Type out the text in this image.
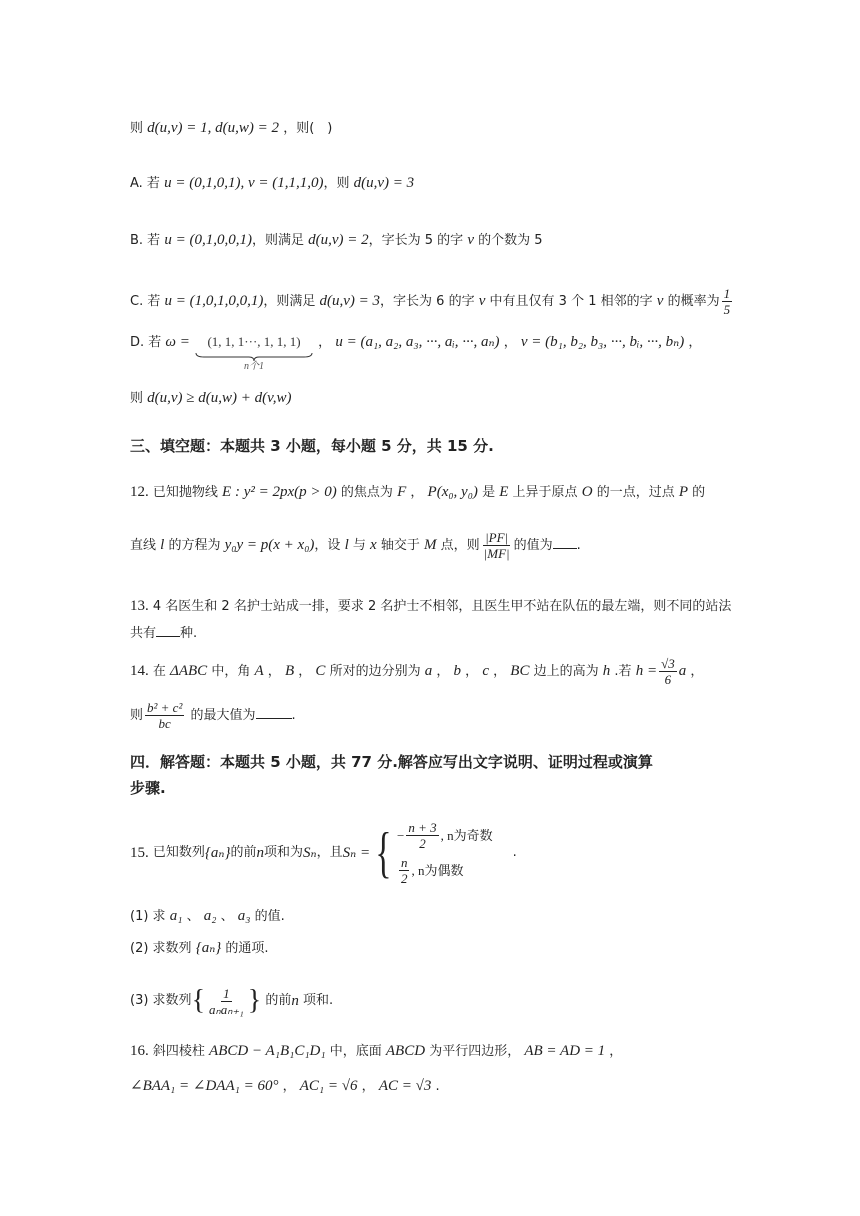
则 d(u,v) = 1, d(u,w) = 2 ，则(　)
A. 若 u = (0,1,0,1), v = (1,1,1,0)，则 d(u,v) = 3
B. 若 u = (0,1,0,0,1)，则满足 d(u,v) = 2，字长为 5 的字 v 的个数为 5
C. 若 u = (1,0,1,0,0,1)，则满足 d(u,v) = 3，字长为 6 的字 v 中有且仅有 3 个 1 相邻的字 v 的概率为 $\frac{1}{5}$
D. 若 ω = (1, 1, 1···, 1, 1, 1)
n个1
， u = (a₁, a₂, a₃, ···, aᵢ, ···, aₙ) ， v = (b₁, b₂, b₃, ···, bᵢ, ···, bₙ) ，
则 d(u,v) ≥ d(u,w) + d(v,w)
三、填空题：本题共 3 小题，每小题 5 分，共 15 分.
12. 已知抛物线 E : y² = 2px(p > 0) 的焦点为 F ， P(x₀, y₀) 是 E 上异于原点 O 的一点，过点 P 的
直线 l 的方程为 y₀y = p(x + x₀)，设 l 与 x 轴交于 M 点，则 $\frac{|PF|}{|MF|}$ 的值为 .
13. 4 名医生和 2 名护士站成一排，要求 2 名护士不相邻，且医生甲不站在队伍的最左端，则不同的站法
共有 种.
14. 在 ΔABC 中，角 A ， B ， C 所对的边分别为 a ， b ， c ， BC 边上的高为 h .若 $h = \frac{√3}{6}$ a ，
则 $\frac{\text{b² + c²}}{bc}$ 的最大值为	.
四．解答题：本题共 5 小题，共 77 分.解答应写出文字说明、证明过程或演算
步骤.
15.
已知数列 {aₙ} 的前 n 项和为 Sₙ ，且 Sₙ = { − $\frac{n + 3}{2}$ , n为奇数
$\frac{n}{2}$ , n为偶数
.
(1) 求 a₁ 、 a₂ 、 a₃ 的值.
(2) 求数列 {aₙ} 的通项.
(3) 求数列 { $\frac{1}{\text{aₙaₙ₊₁}}$ }
的前 n
项和.
16. 斜四棱柱 ABCD − A₁B₁C₁D₁ 中，底面 ABCD 为平行四边形， AB = AD = 1 ，
∠BAA₁ = ∠DAA₁ = 60° ， AC₁ = √6 ， AC = √3 .
